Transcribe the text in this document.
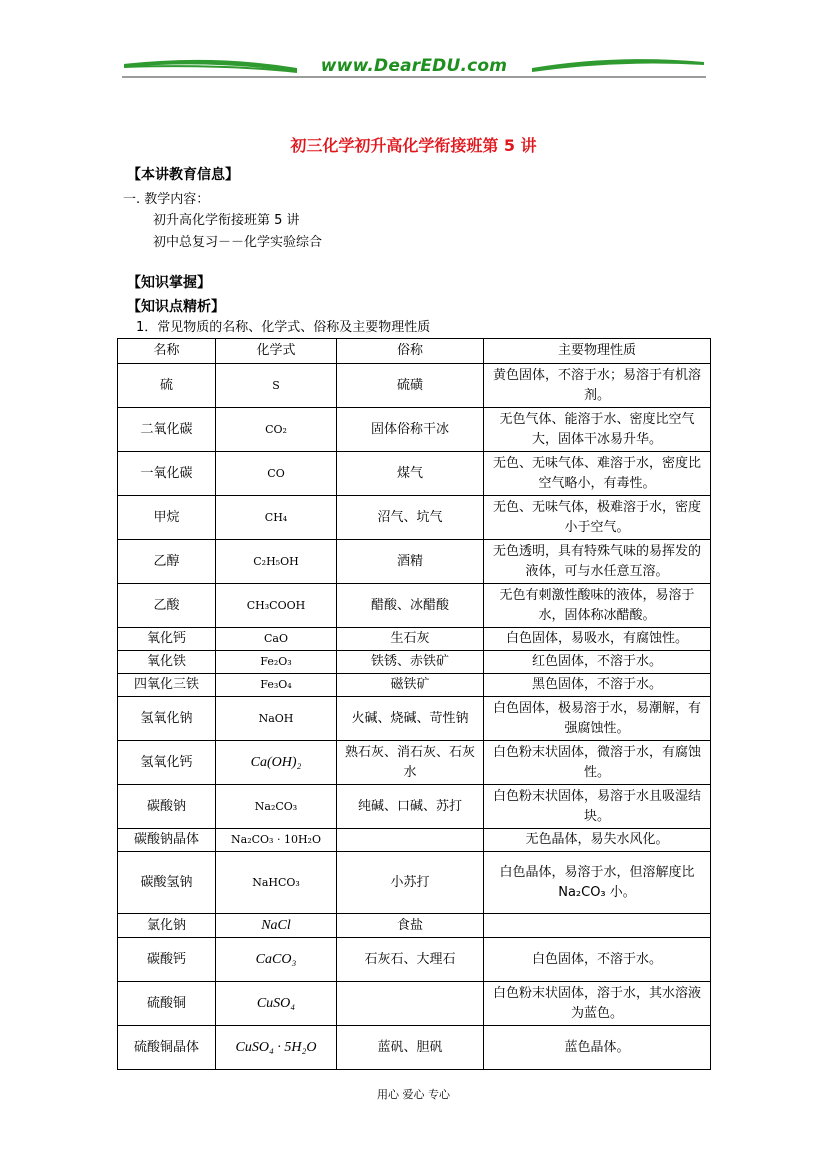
www.DearEDU.com
初三化学初升高化学衔接班第 5 讲
【本讲教育信息】
一. 教学内容：
初升高化学衔接班第 5 讲
初中总复习－－化学实验综合
【知识掌握】
【知识点精析】
1．常见物质的名称、化学式、俗称及主要物理性质
名称	化学式	俗称	主要物理性质
硫	S	硫磺	黄色固体，不溶于水；易溶于有机溶剂。
二氧化碳	CO₂	固体俗称干冰	无色气体、能溶于水、密度比空气大，固体干冰易升华。
一氧化碳	CO	煤气	无色、无味气体、难溶于水，密度比空气略小，有毒性。
甲烷	CH₄	沼气、坑气	无色、无味气体，极难溶于水，密度小于空气。
乙醇	C₂H₅OH	酒精	无色透明，具有特殊气味的易挥发的液体，可与水任意互溶。
乙酸	CH₃COOH	醋酸、冰醋酸	无色有刺激性酸味的液体，易溶于水，固体称冰醋酸。
氧化钙	CaO	生石灰	白色固体，易吸水，有腐蚀性。
氧化铁	Fe₂O₃	铁锈、赤铁矿	红色固体，不溶于水。
四氧化三铁	Fe₃O₄	磁铁矿	黑色固体，不溶于水。
氢氧化钠	NaOH	火碱、烧碱、苛性钠	白色固体，极易溶于水，易潮解，有强腐蚀性。
氢氧化钙	Ca(OH)₂	熟石灰、消石灰、石灰水	白色粉末状固体，微溶于水，有腐蚀性。
碳酸钠	Na₂CO₃	纯碱、口碱、苏打	白色粉末状固体，易溶于水且吸湿结块。
碳酸钠晶体	Na₂CO₃ · 10H₂O		无色晶体，易失水风化。
碳酸氢钠	NaHCO₃	小苏打	白色晶体，易溶于水，但溶解度比 Na₂CO₃ 小。
氯化钠	NaCl	食盐	
碳酸钙	CaCO₃	石灰石、大理石	白色固体，不溶于水。
硫酸铜	CuSO₄		白色粉末状固体，溶于水，其水溶液为蓝色。
硫酸铜晶体	CuSO₄ · 5H₂O	蓝矾、胆矾	蓝色晶体。
用心 爱心 专心
